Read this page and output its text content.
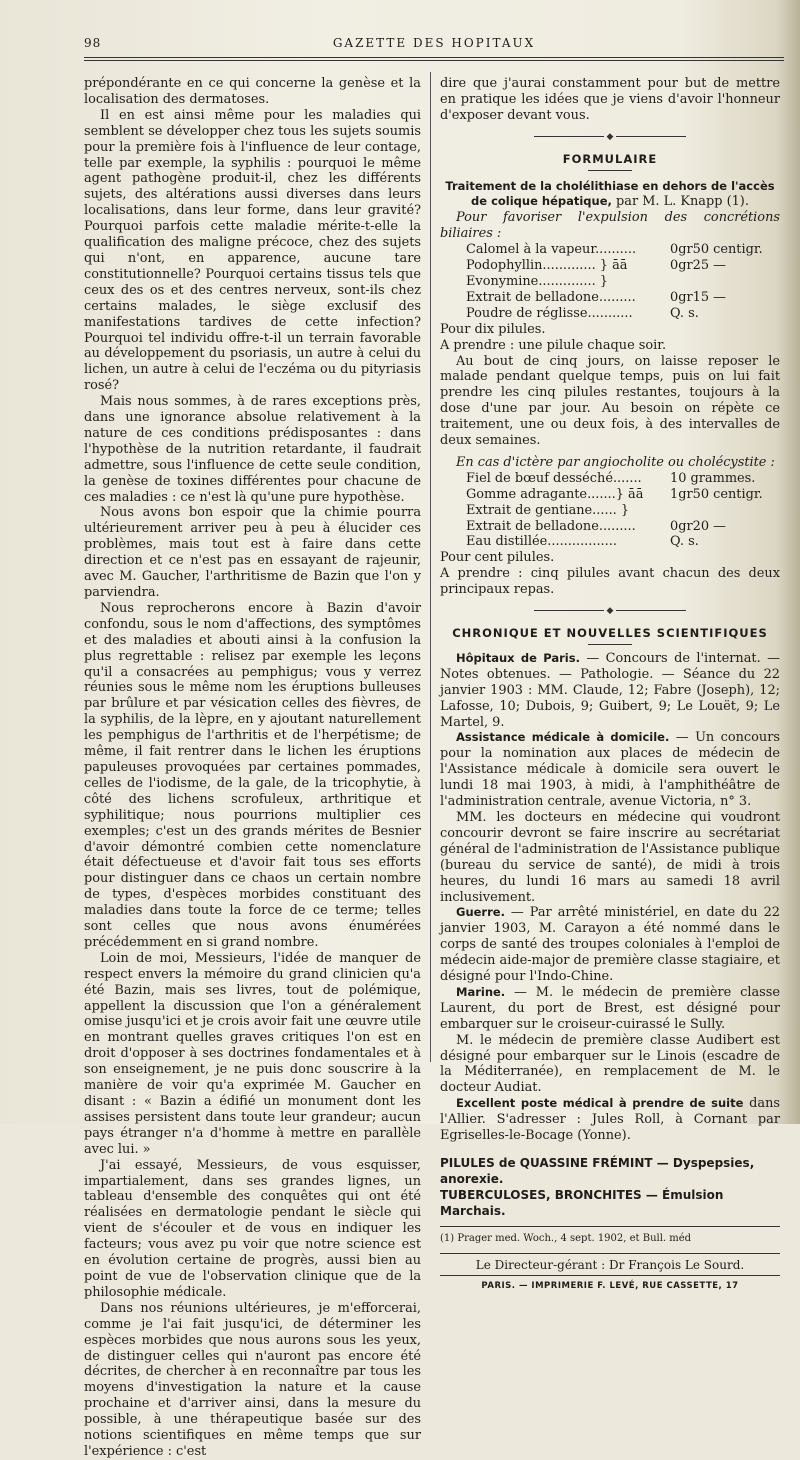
98	GAZETTE DES HOPITAUX

prépondérante en ce qui concerne la genèse et la localisation des dermatoses.

Il en est ainsi même pour les maladies qui semblent se développer chez tous les sujets soumis pour la première fois à l'influence de leur contage, telle par exemple, la syphilis : pourquoi le même agent pathogène produit-il, chez les différents sujets, des altérations aussi diverses dans leurs localisations, dans leur forme, dans leur gravité? Pourquoi parfois cette maladie mérite-t-elle la qualification des maligne précoce, chez des sujets qui n'ont, en apparence, aucune tare constitutionnelle? Pourquoi certains tissus tels que ceux des os et des centres nerveux, sont-ils chez certains malades, le siège exclusif des manifestations tardives de cette infection? Pourquoi tel individu offre-t-il un terrain favorable au développement du psoriasis, un autre à celui du lichen, un autre à celui de l'eczéma ou du pityriasis rosé?

Mais nous sommes, à de rares exceptions près, dans une ignorance absolue relativement à la nature de ces conditions prédisposantes : dans l'hypothèse de la nutrition retardante, il faudrait admettre, sous l'influence de cette seule condition, la genèse de toxines différentes pour chacune de ces maladies : ce n'est là qu'une pure hypothèse.

Nous avons bon espoir que la chimie pourra ultérieurement arriver peu à peu à élucider ces problèmes, mais tout est à faire dans cette direction et ce n'est pas en essayant de rajeunir, avec M. Gaucher, l'arthritisme de Bazin que l'on y parviendra.

Nous reprocherons encore à Bazin d'avoir confondu, sous le nom d'affections, des symptômes et des maladies et abouti ainsi à la confusion la plus regrettable : relisez par exemple les leçons qu'il a consacrées au pemphigus; vous y verrez réunies sous le même nom les éruptions bulleuses par brûlure et par vésication celles des fièvres, de la syphilis, de la lèpre, en y ajoutant naturellement les pemphigus de l'arthritis et de l'herpétisme; de même, il fait rentrer dans le lichen les éruptions papuleuses provoquées par certaines pommades, celles de l'iodisme, de la gale, de la tricophytie, à côté des lichens scrofuleux, arthritique et syphilitique; nous pourrions multiplier ces exemples; c'est un des grands mérites de Besnier d'avoir démontré combien cette nomenclature était défectueuse et d'avoir fait tous ses efforts pour distinguer dans ce chaos un certain nombre de types, d'espèces morbides constituant des maladies dans toute la force de ce terme; telles sont celles que nous avons énumérées précédemment en si grand nombre.

Loin de moi, Messieurs, l'idée de manquer de respect envers la mémoire du grand clinicien qu'a été Bazin, mais ses livres, tout de polémique, appellent la discussion que l'on a généralement omise jusqu'ici et je crois avoir fait une œuvre utile en montrant quelles graves critiques l'on est en droit d'opposer à ses doctrines fondamentales et à son enseignement, je ne puis donc souscrire à la manière de voir qu'a exprimée M. Gaucher en disant : « Bazin a édifié un monument dont les assises persistent dans toute leur grandeur; aucun pays étranger n'a d'homme à mettre en parallèle avec lui. »

J'ai essayé, Messieurs, de vous esquisser, impartialement, dans ses grandes lignes, un tableau d'ensemble des conquêtes qui ont été réalisées en dermatologie pendant le siècle qui vient de s'écouler et de vous en indiquer les facteurs; vous avez pu voir que notre science est en évolution certaine de progrès, aussi bien au point de vue de l'observation clinique que de la philosophie médicale.

Dans nos réunions ultérieures, je m'efforcerai, comme je l'ai fait jusqu'ici, de déterminer les espèces morbides que nous aurons sous les yeux, de distinguer celles qui n'auront pas encore été décrites, de chercher à en reconnaître par tous les moyens d'investigation la nature et la cause prochaine et d'arriver ainsi, dans la mesure du possible, à une thérapeutique basée sur des notions scientifiques en même temps que sur l'expérience : c'est

dire que j'aurai constamment pour but de mettre en pratique les idées que je viens d'avoir l'honneur d'exposer devant vous.

◆
FORMULAIRE

Traitement de la cholélithiase en dehors de l'accès de colique hépatique, par M. L. Knapp (1).

Pour favoriser l'expulsion des concrétions biliaires :

Calomel à la vapeur..........	0gr50 centigr.
Podophyllin............. } āā	0gr25 —
Evonymine.............. }
Extrait de belladone.........	0gr15 —
Poudre de réglisse...........	Q. s.

Pour dix pilules.

A prendre : une pilule chaque soir.

Au bout de cinq jours, on laisse reposer le malade pendant quelque temps, puis on lui fait prendre les cinq pilules restantes, toujours à la dose d'une par jour. Au besoin on répète ce traitement, une ou deux fois, à des intervalles de deux semaines.

En cas d'ictère par angiocholite ou cholécystite :

Fiel de bœuf desséché.......	10 grammes.
Gomme adragante.......} āā	1gr50 centigr.
Extrait de gentiane...... }
Extrait de belladone.........	0gr20 —
Eau distillée.................	Q. s.

Pour cent pilules.

A prendre : cinq pilules avant chacun des deux principaux repas.

◆
CHRONIQUE ET NOUVELLES SCIENTIFIQUES

Hôpitaux de Paris. — Concours de l'internat. — Notes obtenues. — Pathologie. — Séance du 22 janvier 1903 : MM. Claude, 12; Fabre (Joseph), 12; Lafosse, 10; Dubois, 9; Guibert, 9; Le Louët, 9; Le Martel, 9.

Assistance médicale à domicile. — Un concours pour la nomination aux places de médecin de l'Assistance médicale à domicile sera ouvert le lundi 18 mai 1903, à midi, à l'amphithéâtre de l'administration centrale, avenue Victoria, n° 3.

MM. les docteurs en médecine qui voudront concourir devront se faire inscrire au secrétariat général de l'administration de l'Assistance publique (bureau du service de santé), de midi à trois heures, du lundi 16 mars au samedi 18 avril inclusivement.

Guerre. — Par arrêté ministériel, en date du 22 janvier 1903, M. Carayon a été nommé dans le corps de santé des troupes coloniales à l'emploi de médecin aide-major de première classe stagiaire, et désigné pour l'Indo-Chine.

Marine. — M. le médecin de première classe Laurent, du port de Brest, est désigné pour embarquer sur le croiseur-cuirassé le Sully.

M. le médecin de première classe Audibert est désigné pour embarquer sur le Linois (escadre de la Méditerranée), en remplacement de M. le docteur Audiat.

Excellent poste médical à prendre de suite dans l'Allier. S'adresser : Jules Roll, à Cornant par Egriselles-le-Bocage (Yonne).

PILULES de QUASSINE FRÉMINT — Dyspepsies, anorexie.
TUBERCULOSES, BRONCHITES — Émulsion Marchais.
(1) Prager med. Woch., 4 sept. 1902, et Bull. méd
Le Directeur-gérant : Dr François Le Sourd.
PARIS. — IMPRIMERIE F. LEVÉ, RUE CASSETTE, 17
